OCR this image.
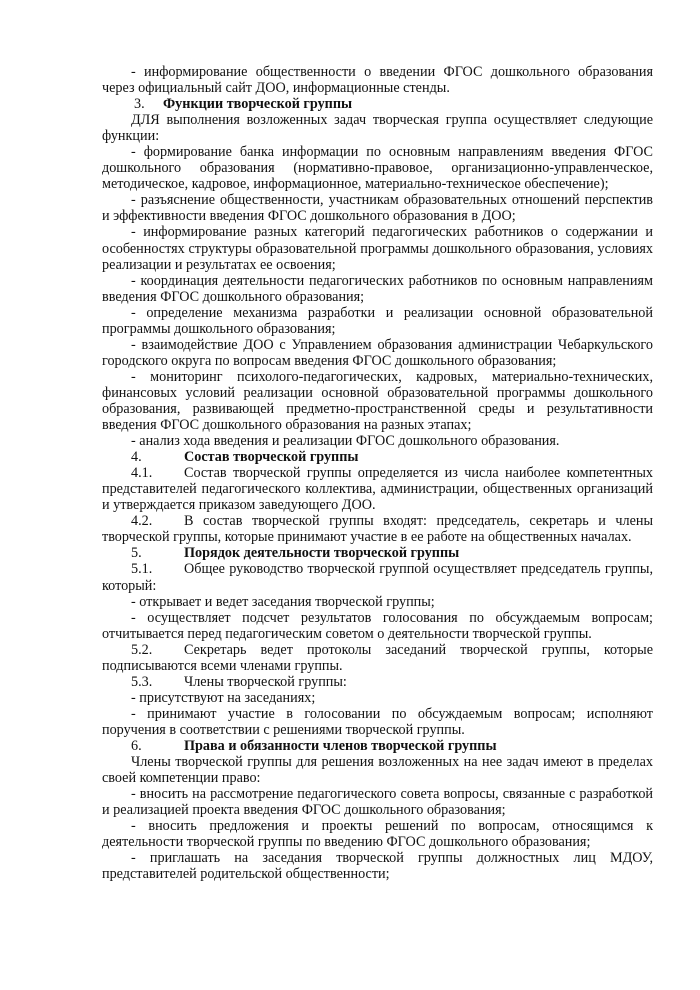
- информирование общественности о введении ФГОС дошкольного образования через официальный сайт ДОО, информационные стенды.

3. Функции творческой группы

ДЛЯ выполнения возложенных задач творческая группа осуществляет следующие функции:

- формирование банка информации по основным направлениям введения ФГОС дошкольного образования (нормативно-правовое, организационно-управленческое, методическое, кадровое, информационное, материально-техническое обеспечение);

- разъяснение общественности, участникам образовательных отношений перспектив и эффективности введения ФГОС дошкольного образования в ДОО;

- информирование разных категорий педагогических работников о содержании и особенностях структуры образовательной программы дошкольного образования, условиях реализации и результатах ее освоения;

- координация деятельности педагогических работников по основным направлениям введения ФГОС дошкольного образования;

- определение механизма разработки и реализации основной образовательной программы дошкольного образования;

- взаимодействие ДОО с Управлением образования администрации Чебаркульского городского округа по вопросам введения ФГОС дошкольного образования;

- мониторинг психолого-педагогических, кадровых, материально-технических, финансовых условий реализации основной образовательной программы дошкольного образования, развивающей предметно-пространственной среды и результативности введения ФГОС дошкольного образования на разных этапах;

- анализ хода введения и реализации ФГОС дошкольного образования.

4.	Состав творческой группы

4.1. Состав творческой группы определяется из числа наиболее компетентных представителей педагогического коллектива, администрации, общественных организаций и утверждается приказом заведующего ДОО.

4.2. В состав творческой группы входят: председатель, секретарь и члены творческой группы, которые принимают участие в ее работе на общественных началах.

5.	Порядок деятельности творческой группы

5.1. Общее руководство творческой группой осуществляет председатель группы, который:

- открывает и ведет заседания творческой группы;

- осуществляет подсчет результатов голосования по обсуждаемым вопросам; отчитывается перед педагогическим советом о деятельности творческой группы.

5.2. Секретарь ведет протоколы заседаний творческой группы, которые подписываются всеми членами группы.

5.3. Члены творческой группы:

- присутствуют на заседаниях;

- принимают участие в голосовании по обсуждаемым вопросам; исполняют поручения в соответствии с решениями творческой группы.

6.	Права и обязанности членов творческой группы

Члены творческой группы для решения возложенных на нее задач имеют в пределах своей компетенции право:

- вносить на рассмотрение педагогического совета вопросы, связанные с разработкой и реализацией проекта введения ФГОС дошкольного образования;

- вносить предложения и проекты решений по вопросам, относящимся к деятельности творческой группы по введению ФГОС дошкольного образования;

- приглашать на заседания творческой группы должностных лиц МДОУ, представителей родительской общественности;
